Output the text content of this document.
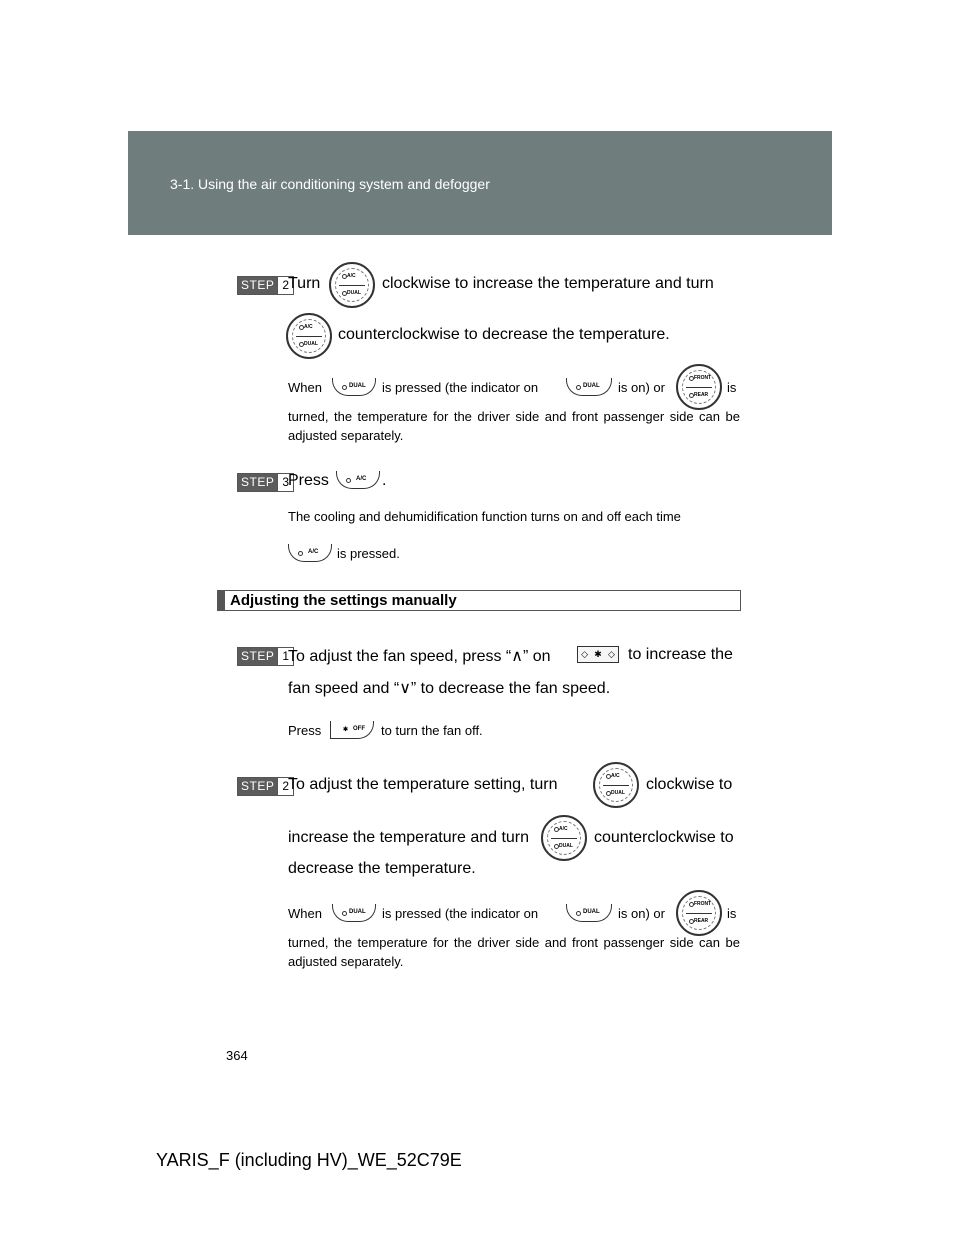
3-1. Using the air conditioning system and defogger
STEP 2
Turn	A/C
DUAL
clockwise to increase the temperature and turn
A/C
DUAL
counterclockwise to decrease the temperature.
When	DUAL is pressed (the indicator on	DUAL is on) or
FRONT
REAR is
turned, the temperature for the driver side and front passenger side can be adjusted separately.
STEP 3
Press	A/C .
The cooling and dehumidification function turns on and off each time
A/C is pressed.
Adjusting the settings manually
STEP 1
To adjust the fan speed, press “∧” on	◇ ✱ ◇ to increase the
fan speed and “∨” to decrease the fan speed.
Press	✱ OFF to turn the fan off.
STEP 2
To adjust the temperature setting, turn	A/C
DUAL clockwise to
increase the temperature and turn	A/C
DUAL counterclockwise to
decrease the temperature.
When	DUAL is pressed (the indicator on	DUAL is on) or
FRONT
REAR is
turned, the temperature for the driver side and front passenger side can be adjusted separately.
364
YARIS_F (including HV)_WE_52C79E
